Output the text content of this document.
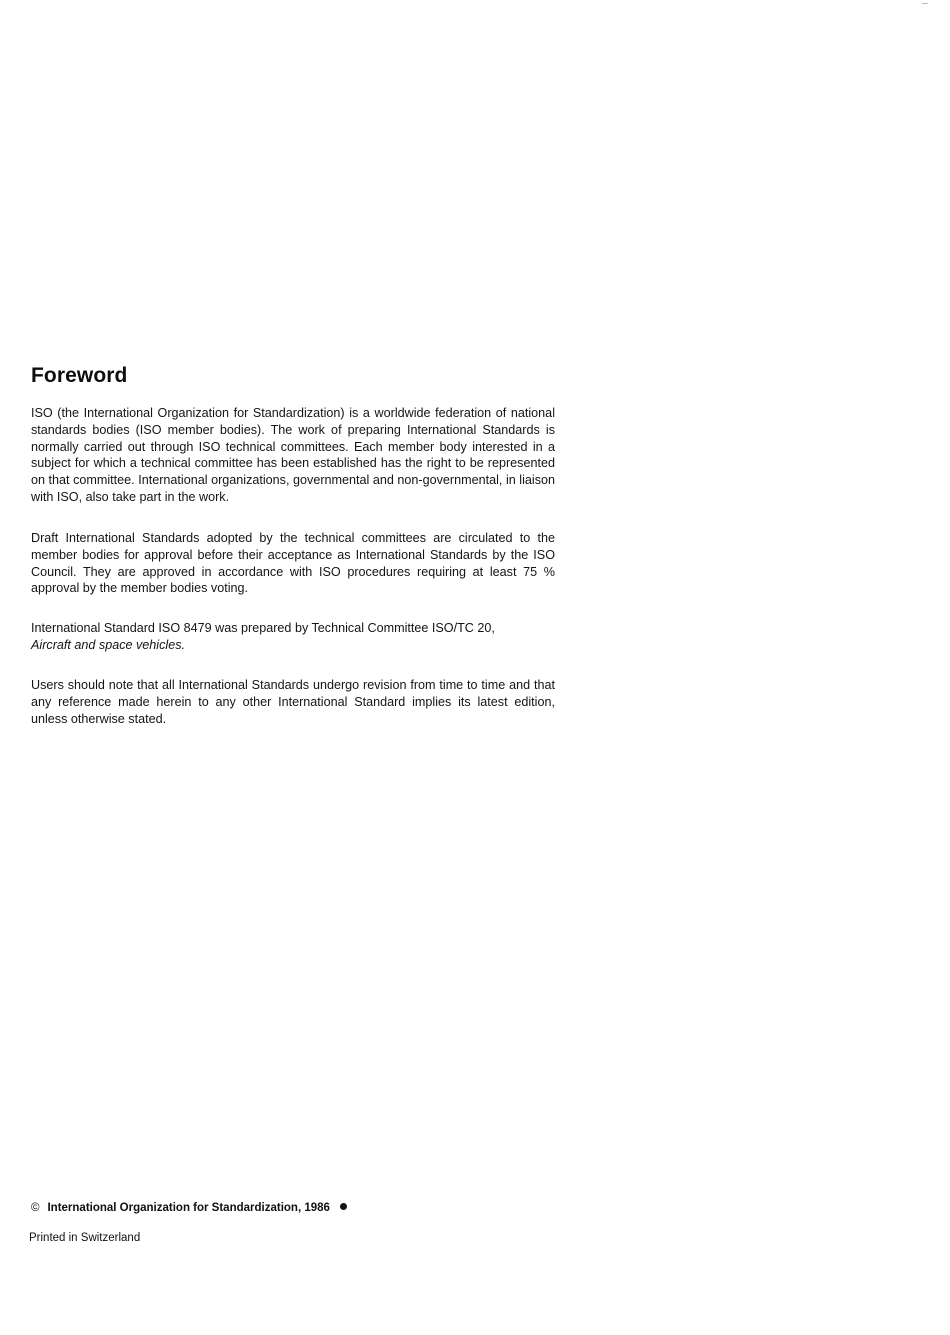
Foreword

ISO (the International Organization for Standardization) is a worldwide federation of national standards bodies (ISO member bodies). The work of preparing International Standards is normally carried out through ISO technical committees. Each member body interested in a subject for which a technical committee has been established has the right to be represented on that committee. International organizations, governmental and non-governmental, in liaison with ISO, also take part in the work.

Draft International Standards adopted by the technical committees are circulated to the member bodies for approval before their acceptance as International Standards by the ISO Council. They are approved in accordance with ISO procedures requiring at least 75 % approval by the member bodies voting.

International Standard ISO 8479 was prepared by Technical Committee ISO/TC 20,
Aircraft and space vehicles.

Users should note that all International Standards undergo revision from time to time and that any reference made herein to any other International Standard implies its latest edition, unless otherwise stated.

© International Organization for Standardization, 1986

Printed in Switzerland
